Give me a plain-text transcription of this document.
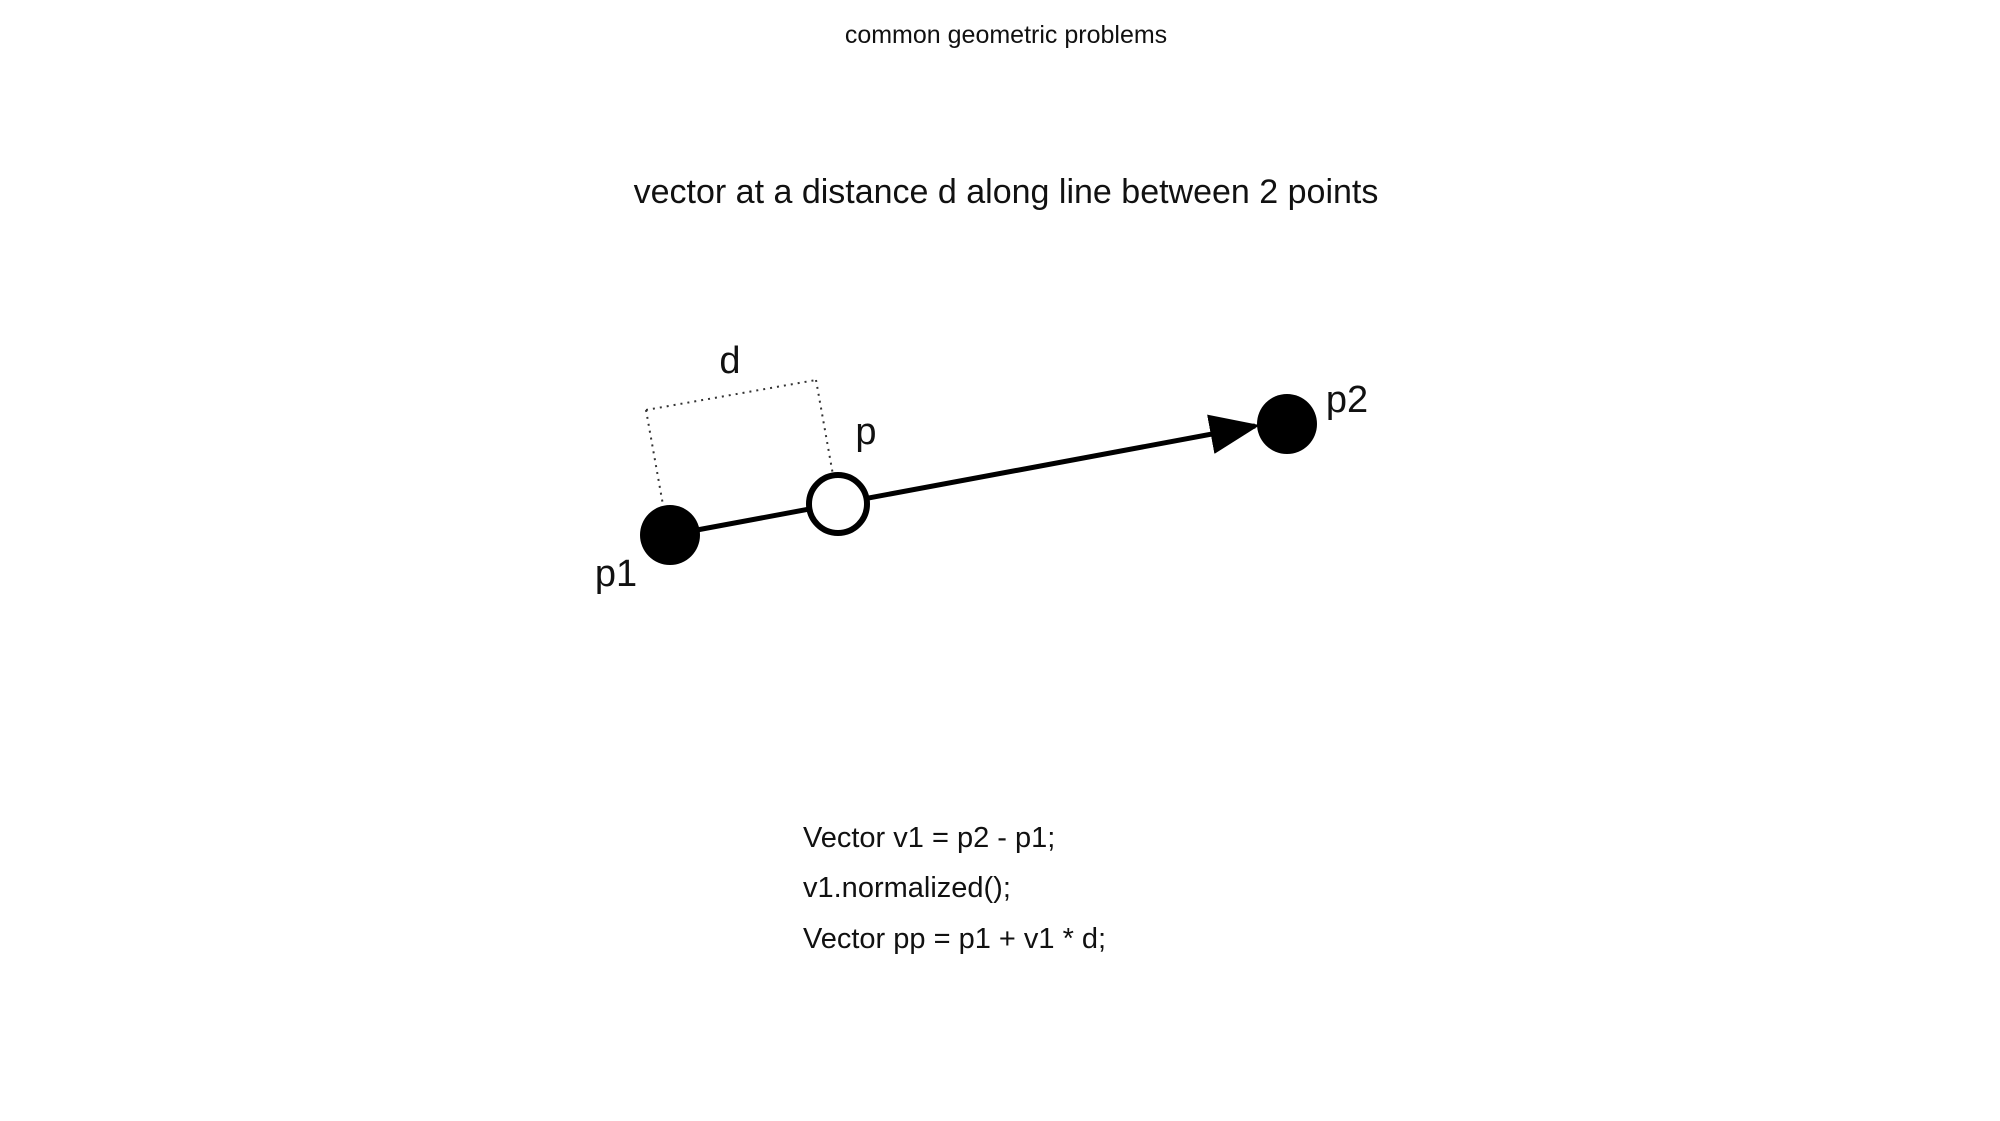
common geometric problems
vector at a distance d along line between 2 points
d
p
p1
p2
Vector v1 = p2 - p1;
v1.normalized();
Vector pp = p1 + v1 * d;
